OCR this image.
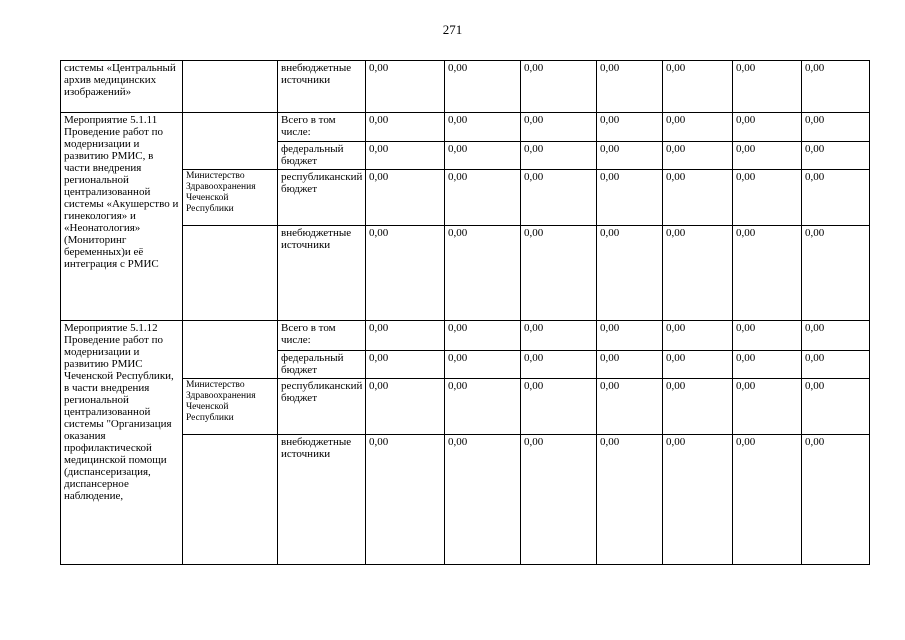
271
системы «Центральный архив медицинских изображений»		внебюджетные источники	0,00	0,00	0,00	0,00	0,00	0,00	0,00
Мероприятие 5.1.11 Проведение работ по модернизации и развитию РМИС, в части внедрения региональной централизованной системы «Акушерство и гинекология» и «Неонатология» (Мониторинг беременных)и её интеграция с РМИС		Всего в том числе:	0,00	0,00	0,00	0,00	0,00	0,00	0,00
		федеральный бюджет	0,00	0,00	0,00	0,00	0,00	0,00	0,00
	Министерство Здравоохранения Чеченской Республики	республиканский бюджет	0,00	0,00	0,00	0,00	0,00	0,00	0,00
		внебюджетные источники	0,00	0,00	0,00	0,00	0,00	0,00	0,00
Мероприятие 5.1.12 Проведение работ по модернизации и развитию РМИС Чеченской Республики, в части внедрения региональной централизованной системы "Организация оказания профилактической медицинской помощи (диспансеризация, диспансерное наблюдение,		Всего в том числе:	0,00	0,00	0,00	0,00	0,00	0,00	0,00
		федеральный бюджет	0,00	0,00	0,00	0,00	0,00	0,00	0,00
	Министерство Здравоохранения Чеченской Республики	республиканский бюджет	0,00	0,00	0,00	0,00	0,00	0,00	0,00
		внебюджетные источники	0,00	0,00	0,00	0,00	0,00	0,00	0,00
